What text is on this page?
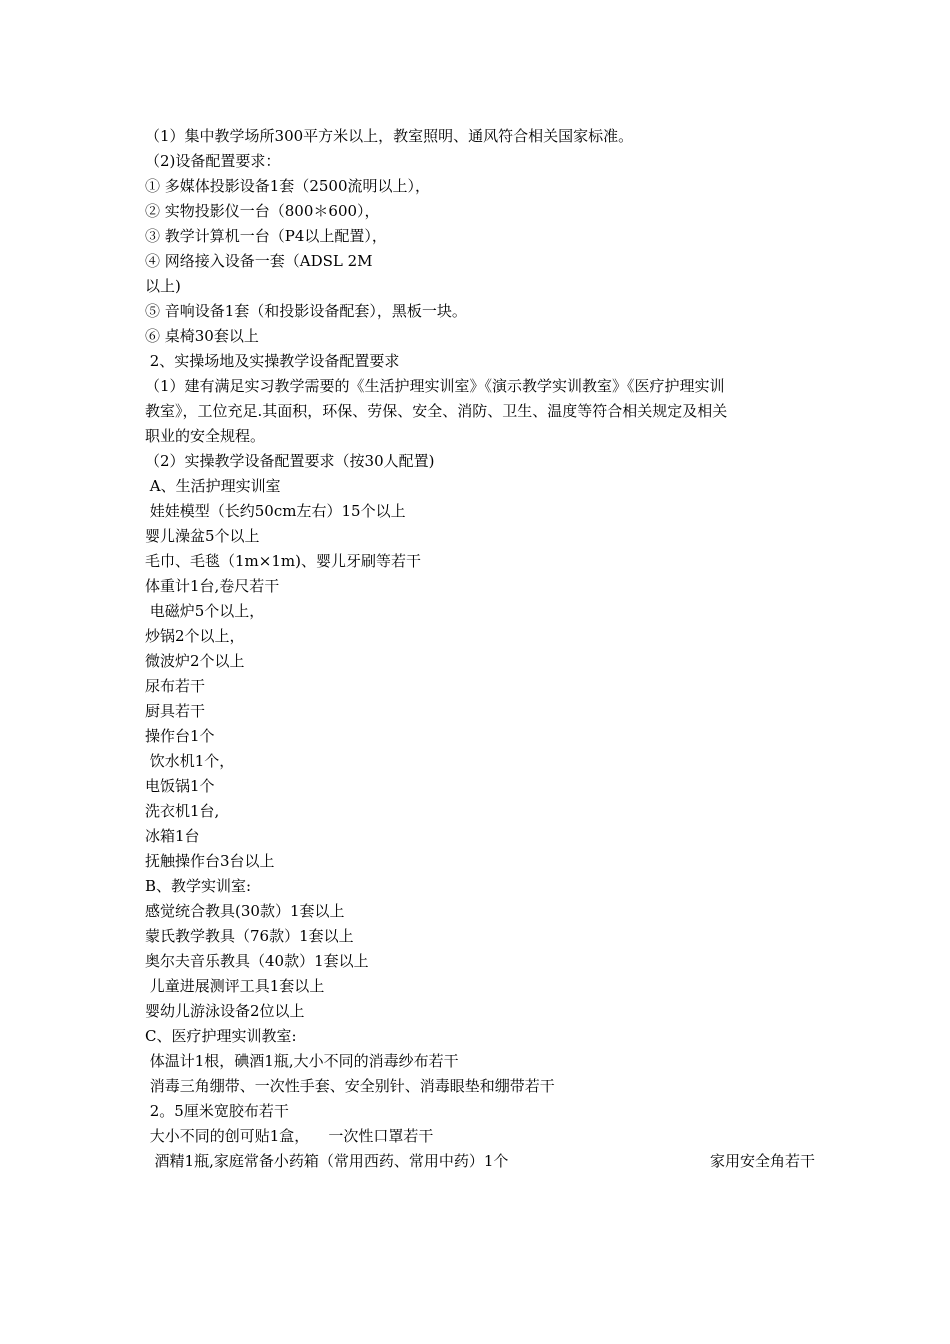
（1）集中教学场所300平方米以上，教室照明、通风符合相关国家标准。
（2)设备配置要求：
① 多媒体投影设备1套（2500流明以上），
② 实物投影仪一台（800＊600），
③ 教学计算机一台（P4以上配置），
④ 网络接入设备一套（ADSL 2M
以上)
⑤ 音响设备1套（和投影设备配套），黑板一块。
⑥ 桌椅30套以上
2、实操场地及实操教学设备配置要求
（1）建有满足实习教学需要的《生活护理实训室》《演示教学实训教室》《医疗护理实训
教室》，工位充足.其面积，环保、劳保、安全、消防、卫生、温度等符合相关规定及相关
职业的安全规程。
（2）实操教学设备配置要求（按30人配置)
A、生活护理实训室
娃娃模型（长约50cm左右）15个以上
婴儿澡盆5个以上
毛巾、毛毯（1m×1m)、婴儿牙刷等若干
体重计1台,卷尺若干
电磁炉5个以上，
炒锅2个以上，
微波炉2个以上
尿布若干
厨具若干
操作台1个
饮水机1个，
电饭锅1个
洗衣机1台,
冰箱1台
抚触操作台3台以上
B、教学实训室:
感觉统合教具(30款）1套以上
蒙氏教学教具（76款）1套以上
奥尔夫音乐教具（40款）1套以上
儿童进展测评工具1套以上
婴幼儿游泳设备2位以上
C、医疗护理实训教室:
体温计1根，碘酒1瓶,大小不同的消毒纱布若干
消毒三角绷带、一次性手套、安全别针、消毒眼垫和绷带若干
2。5厘米宽胶布若干
大小不同的创可贴1盒，    一次性口罩若干
酒精1瓶,家庭常备小药箱（常用西药、常用中药）1个	家用安全角若干
